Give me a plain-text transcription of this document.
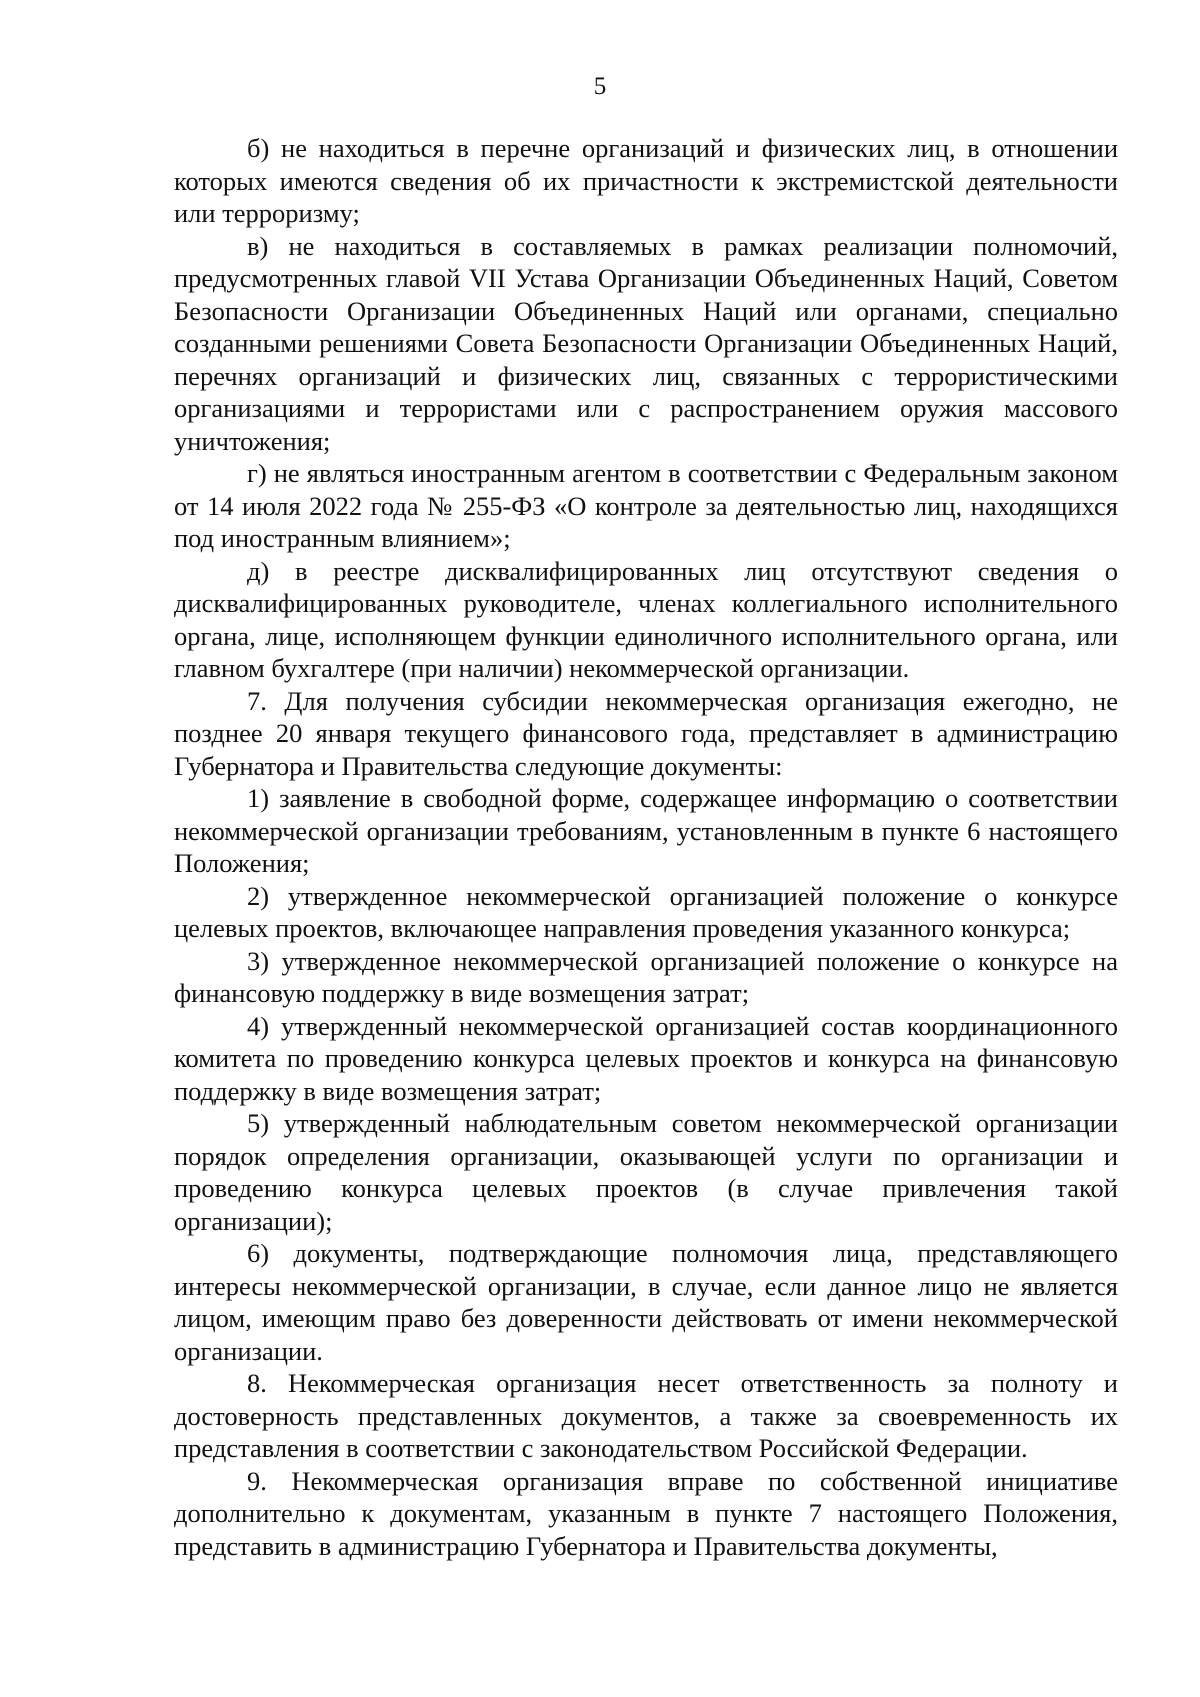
5

б) не находиться в перечне организаций и физических лиц, в отношении которых имеются сведения об их причастности к экстремистской деятельности или терроризму;

в) не находиться в составляемых в рамках реализации полномочий, предусмотренных главой VII Устава Организации Объединенных Наций, Советом Безопасности Организации Объединенных Наций или органами, специально созданными решениями Совета Безопасности Организации Объединенных Наций, перечнях организаций и физических лиц, связанных с террористическими организациями и террористами или с распространением оружия массового уничтожения;

г) не являться иностранным агентом в соответствии с Федеральным законом от 14 июля 2022 года № 255-ФЗ «О контроле за деятельностью лиц, находящихся под иностранным влиянием»;

д) в реестре дисквалифицированных лиц отсутствуют сведения о дисквалифицированных руководителе, членах коллегиального исполнительного органа, лице, исполняющем функции единоличного исполнительного органа, или главном бухгалтере (при наличии) некоммерческой организации.

7. Для получения субсидии некоммерческая организация ежегодно, не позднее 20 января текущего финансового года, представляет в администрацию Губернатора и Правительства следующие документы:

1) заявление в свободной форме, содержащее информацию о соответствии некоммерческой организации требованиям, установленным в пункте 6 настоящего Положения;

2) утвержденное некоммерческой организацией положение о конкурсе целевых проектов, включающее направления проведения указанного конкурса;

3) утвержденное некоммерческой организацией положение о конкурсе на финансовую поддержку в виде возмещения затрат;

4) утвержденный некоммерческой организацией состав координационного комитета по проведению конкурса целевых проектов и конкурса на финансовую поддержку в виде возмещения затрат;

5) утвержденный наблюдательным советом некоммерческой организации порядок определения организации, оказывающей услуги по организации и проведению конкурса целевых проектов (в случае привлечения такой организации);

6) документы, подтверждающие полномочия лица, представляющего интересы некоммерческой организации, в случае, если данное лицо не является лицом, имеющим право без доверенности действовать от имени некоммерческой организации.

8. Некоммерческая организация несет ответственность за полноту и достоверность представленных документов, а также за своевременность их представления в соответствии с законодательством Российской Федерации.

9. Некоммерческая организация вправе по собственной инициативе дополнительно к документам, указанным в пункте 7 настоящего Положения, представить в администрацию Губернатора и Правительства документы,
